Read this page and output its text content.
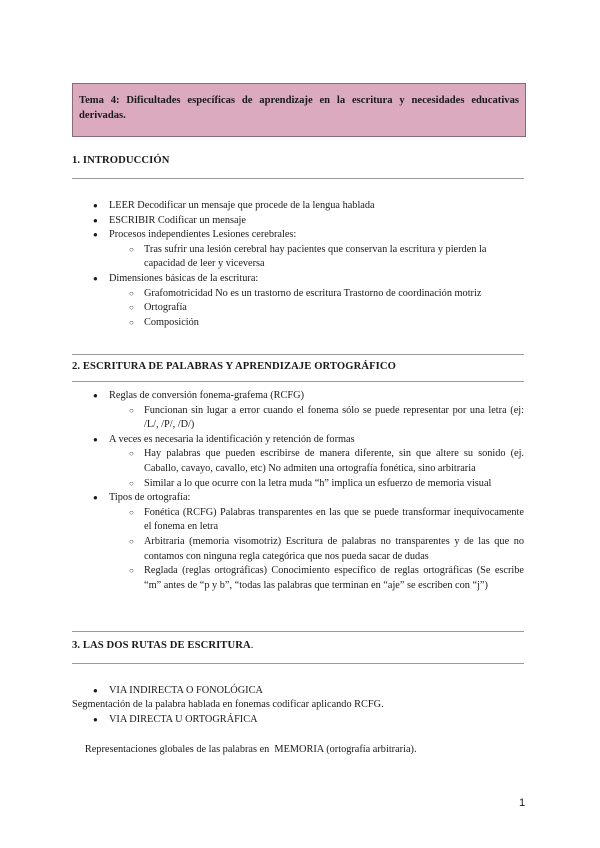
Tema 4: Dificultades específicas de aprendizaje en la escritura y necesidades educativas derivadas.
1. INTRODUCCIÓN
● LEER Decodificar un mensaje que procede de la lengua hablada
● ESCRIBIR Codificar un mensaje
● Procesos independientes Lesiones cerebrales:
○ Tras sufrir una lesión cerebral hay pacientes que conservan la escritura y pierden la capacidad de leer y viceversa
● Dimensiones básicas de la escritura:
○ Grafomotricidad No es un trastorno de escritura Trastorno de coordinación motriz
○ Ortografía
○ Composición
2. ESCRITURA DE PALABRAS Y APRENDIZAJE ORTOGRÁFICO
● Reglas de conversión fonema-grafema (RCFG)
○ Funcionan sin lugar a error cuando el fonema sólo se puede representar por una letra (ej: /L/, /P/, /D/)
● A veces es necesaria la identificación y retención de formas
○ Hay palabras que pueden escribirse de manera diferente, sin que altere su sonido (ej. Caballo, cavayo, cavallo, etc) No admiten una ortografía fonética, sino arbitraria
○ Similar a lo que ocurre con la letra muda “h” implica un esfuerzo de memoria visual
● Tipos de ortografía:
○ Fonética (RCFG) Palabras transparentes en las que se puede transformar inequívocamente el fonema en letra
○ Arbitraria (memoria visomotriz) Escritura de palabras no transparentes y de las que no contamos con ninguna regla categórica que nos pueda sacar de dudas
○ Reglada (reglas ortográficas) Conocimiento específico de reglas ortográficas (Se escribe “m” antes de “p y b”, “todas las palabras que terminan en “aje” se escriben con “j”)
3. LAS DOS RUTAS DE ESCRITURA.
● VIA INDIRECTA O FONOLÓGICA
Segmentación de la palabra hablada en fonemas codificar aplicando RCFG.
● VIA DIRECTA U ORTOGRÁFICA

Representaciones globales de las palabras en  MEMORIA (ortografía arbitraria).

1
